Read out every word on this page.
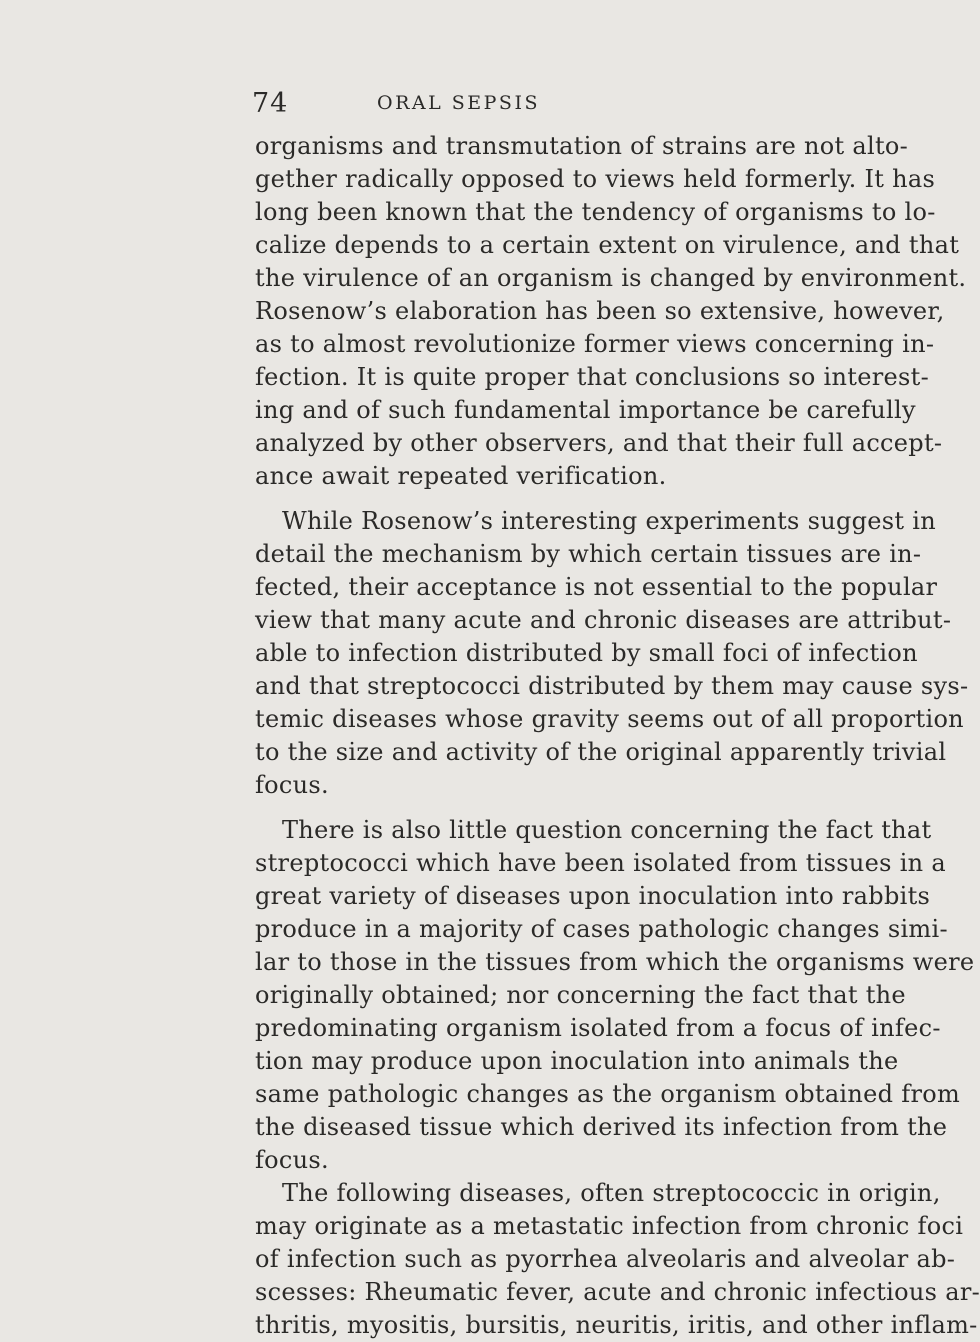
74	ORAL SEPSIS
organisms and transmutation of strains are not alto-
gether radically opposed to views held formerly. It has
long been known that the tendency of organisms to lo-
calize depends to a certain extent on virulence, and that
the virulence of an organism is changed by environment.
Rosenow’s elaboration has been so extensive, however,
as to almost revolutionize former views concerning in-
fection. It is quite proper that conclusions so interest-
ing and of such fundamental importance be carefully
analyzed by other observers, and that their full accept-
ance await repeated verification.
While Rosenow’s interesting experiments suggest in
detail the mechanism by which certain tissues are in-
fected, their acceptance is not essential to the popular
view that many acute and chronic diseases are attribut-
able to infection distributed by small foci of infection
and that streptococci distributed by them may cause sys-
temic diseases whose gravity seems out of all proportion
to the size and activity of the original apparently trivial
focus.
There is also little question concerning the fact that
streptococci which have been isolated from tissues in a
great variety of diseases upon inoculation into rabbits
produce in a majority of cases pathologic changes simi-
lar to those in the tissues from which the organisms were
originally obtained; nor concerning the fact that the
predominating organism isolated from a focus of infec-
tion may produce upon inoculation into animals the
same pathologic changes as the organism obtained from
the diseased tissue which derived its infection from the
focus.
The following diseases, often streptococcic in origin,
may originate as a metastatic infection from chronic foci
of infection such as pyorrhea alveolaris and alveolar ab-
scesses: Rheumatic fever, acute and chronic infectious ar-
thritis, myositis, bursitis, neuritis, iritis, and other inflam-
